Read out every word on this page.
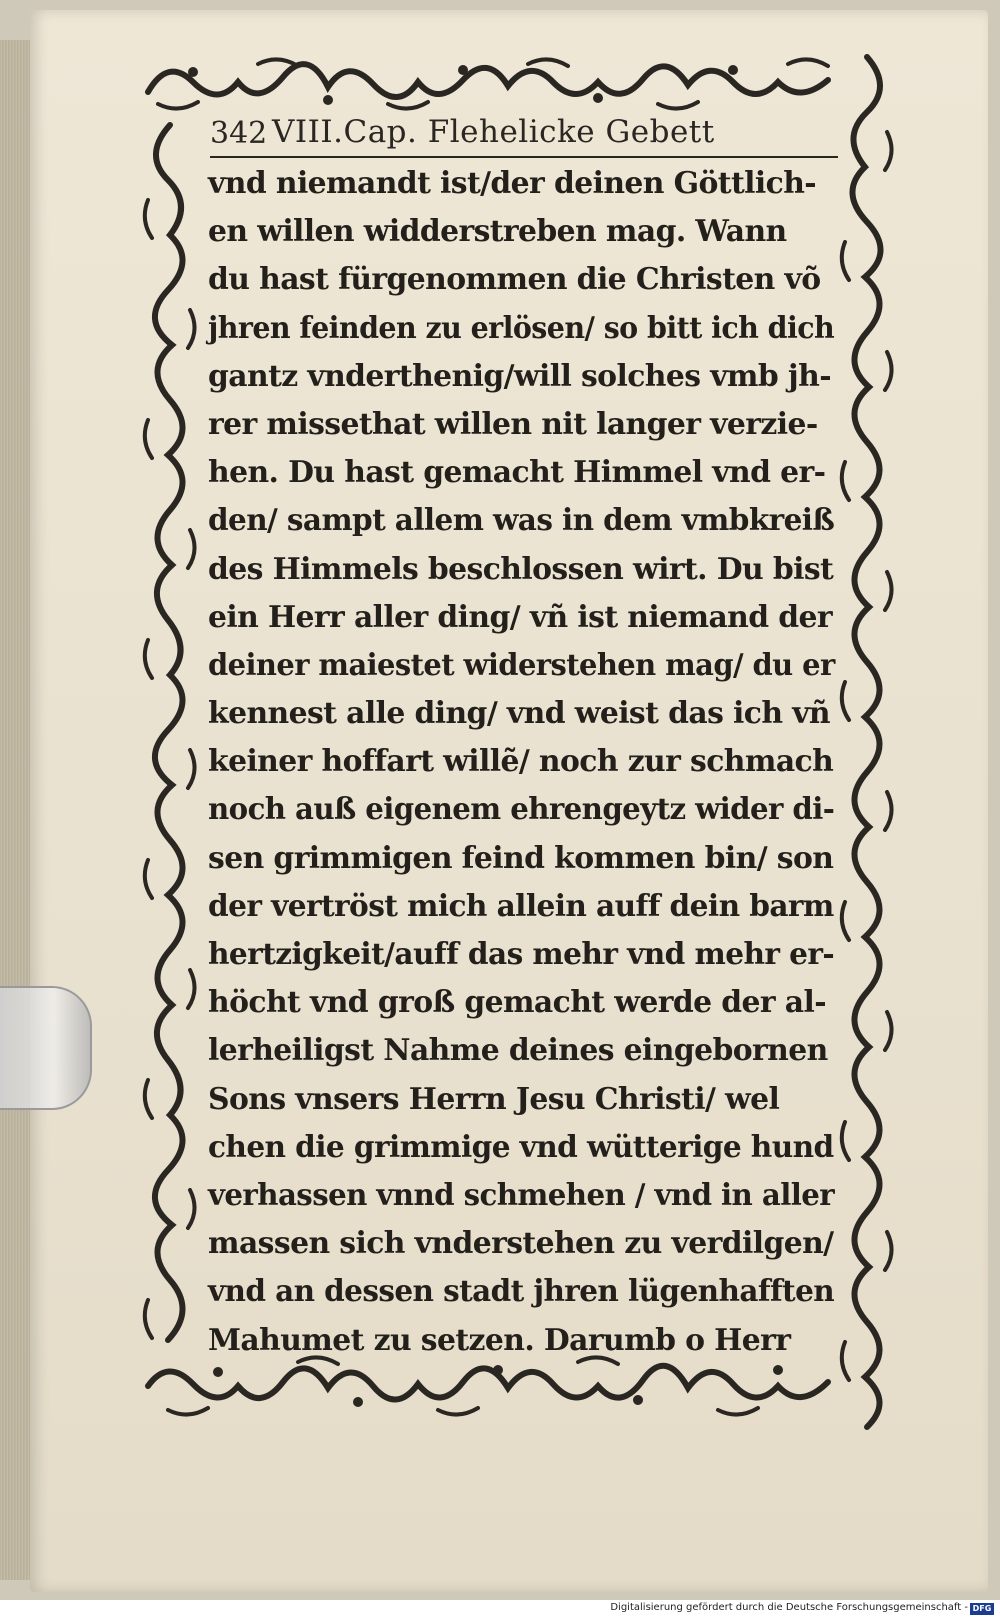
342 VIII.Cap. Flehelicke Gebett
vnd niemandt ist/der deinen Göttlich-
en willen widderstreben mag. Wann
du hast fürgenommen die Christen võ
jhren feinden zu erlösen/ so bitt ich dich
gantz vnderthenig/will solches vmb jh-
rer missethat willen nit langer verzie-
hen. Du hast gemacht Himmel vnd er-
den/ sampt allem was in dem vmbkreiß
des Himmels beschlossen wirt. Du bist
ein Herr aller ding/ vñ ist niemand der
deiner maiestet widerstehen mag/ du er
kennest alle ding/ vnd weist das ich vñ
keiner hoffart willẽ/ noch zur schmach
noch auß eigenem ehrengeytz wider di-
sen grimmigen feind kommen bin/ son
der vertröst mich allein auff dein barm
hertzigkeit/auff das mehr vnd mehr er-
höcht vnd groß gemacht werde der al-
lerheiligst Nahme deines eingebornen
Sons vnsers Herrn Jesu Christi/ wel
chen die grimmige vnd wütterige hund
verhassen vnnd schmehen / vnd in aller
massen sich vnderstehen zu verdilgen/
vnd an dessen stadt jhren lügenhafften
Mahumet zu setzen. Darumb o Herr
Digitalisierung gefördert durch die Deutsche Forschungsgemeinschaft - DFG
